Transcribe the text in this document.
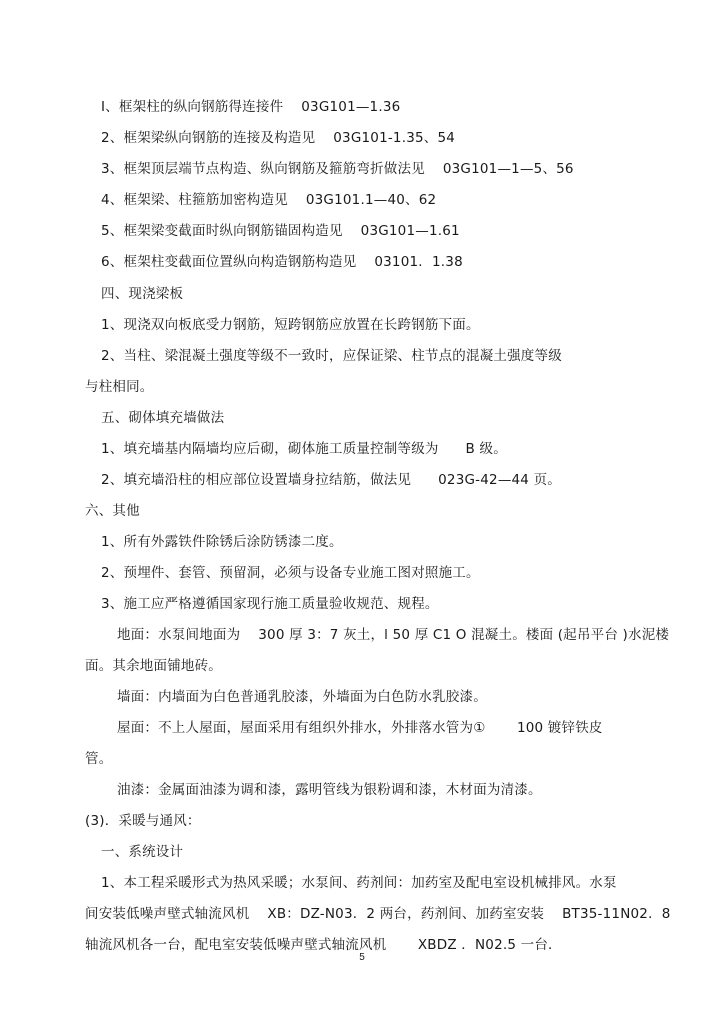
I、框架柱的纵向钢筋得连接件    03G101—1.36
2、框架梁纵向钢筋的连接及构造见    03G101-1.35、54
3、框架顶层端节点构造、纵向钢筋及箍筋弯折做法见    03G101—1—5、56
4、框架梁、柱箍筋加密构造见    03G101.1—40、62
5、框架梁变截面时纵向钢筋锚固构造见    03G101—1.61
6、框架柱变截面位置纵向构造钢筋构造见    03101．1.38
四、现浇梁板
1、现浇双向板底受力钢筋，短跨钢筋应放置在长跨钢筋下面。
2、当柱、梁混凝土强度等级不一致时，应保证梁、柱节点的混凝土强度等级
与柱相同。
五、砌体填充墙做法
1、填充墙基内隔墙均应后砌，砌体施工质量控制等级为      B 级。
2、填充墙沿柱的相应部位设置墙身拉结筋，做法见      023G-42—44 页。
六、其他
1、所有外露铁件除锈后涂防锈漆二度。
2、预埋件、套管、预留洞，必须与设备专业施工图对照施工。
3、施工应严格遵循国家现行施工质量验收规范、规程。
地面：水泵间地面为    300 厚 3：7 灰土，l 50 厚 C1 O 混凝土。楼面 (起吊平台 )水泥楼
面。其余地面铺地砖。
墙面：内墙面为白色普通乳胶漆，外墙面为白色防水乳胶漆。
屋面：不上人屋面，屋面采用有组织外排水，外排落水管为①       100 镀锌铁皮
管。
油漆：金属面油漆为调和漆，露明管线为银粉调和漆，木材面为清漆。
(3)．采暖与通风：
一、系统设计
1、本工程采暖形式为热风采暖；水泵间、药剂间：加药室及配电室设机械排风。水泵
间安装低噪声壁式轴流风机    XB：DZ-N03．2 两台，药剂间、加药室安装    BT35-11N02．8
轴流风机各一台，配电室安装低噪声壁式轴流风机       XBDZ ．N02.5 一台．
5
